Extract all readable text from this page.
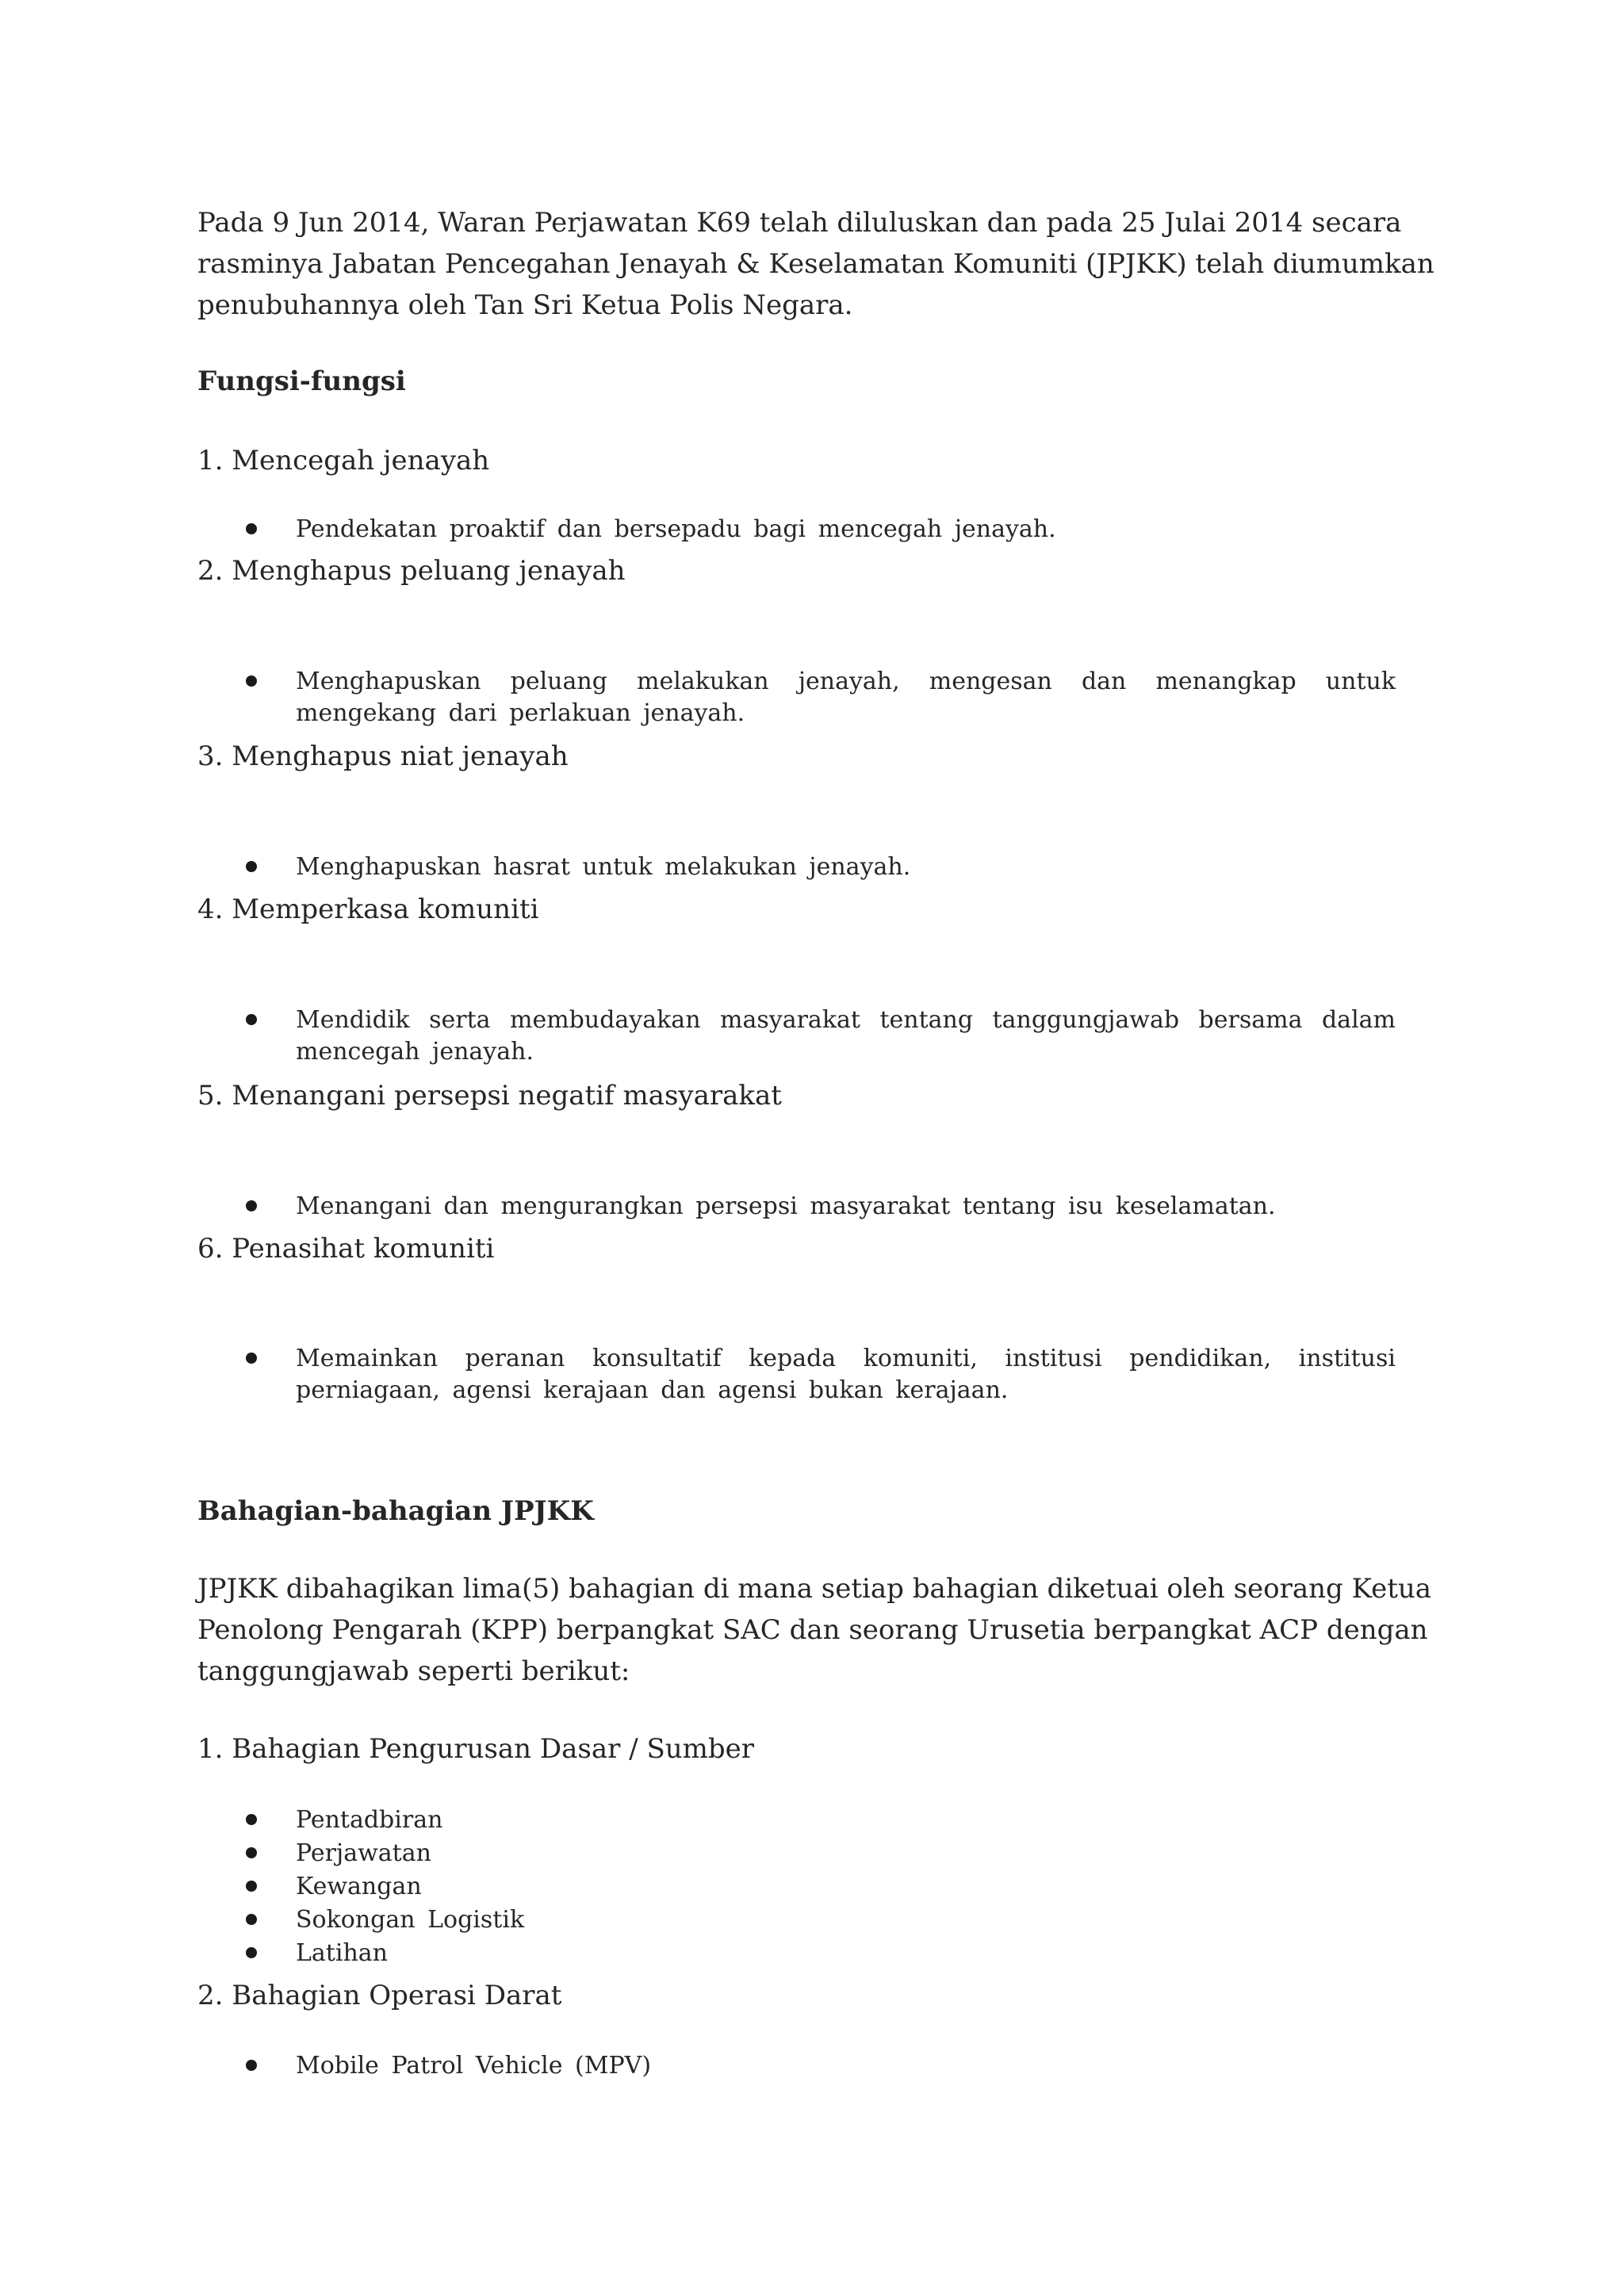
Pada 9 Jun 2014, Waran Perjawatan K69 telah diluluskan dan pada 25 Julai 2014 secara rasminya Jabatan Pencegahan Jenayah & Keselamatan Komuniti (JPJKK) telah diumumkan penubuhannya oleh Tan Sri Ketua Polis Negara.

Fungsi-fungsi

1. Mencegah jenayah

Pendekatan proaktif dan bersepadu bagi mencegah jenayah.

2. Menghapus peluang jenayah

Menghapuskan peluang melakukan jenayah, mengesan dan menangkap untuk mengekang dari perlakuan jenayah.

3. Menghapus niat jenayah

Menghapuskan hasrat untuk melakukan jenayah.

4. Memperkasa komuniti

Mendidik serta membudayakan masyarakat tentang tanggungjawab bersama dalam mencegah jenayah.

5. Menangani persepsi negatif masyarakat

Menangani dan mengurangkan persepsi masyarakat tentang isu keselamatan.

6. Penasihat komuniti

Memainkan peranan konsultatif kepada komuniti, institusi pendidikan, institusi perniagaan, agensi kerajaan dan agensi bukan kerajaan.

Bahagian-bahagian JPJKK

JPJKK dibahagikan lima(5) bahagian di mana setiap bahagian diketuai oleh seorang Ketua Penolong Pengarah (KPP) berpangkat SAC dan seorang Urusetia berpangkat ACP dengan tanggungjawab seperti berikut:

1. Bahagian Pengurusan Dasar / Sumber

Pentadbiran
Perjawatan
Kewangan
Sokongan Logistik
Latihan

2. Bahagian Operasi Darat

Mobile Patrol Vehicle (MPV)
